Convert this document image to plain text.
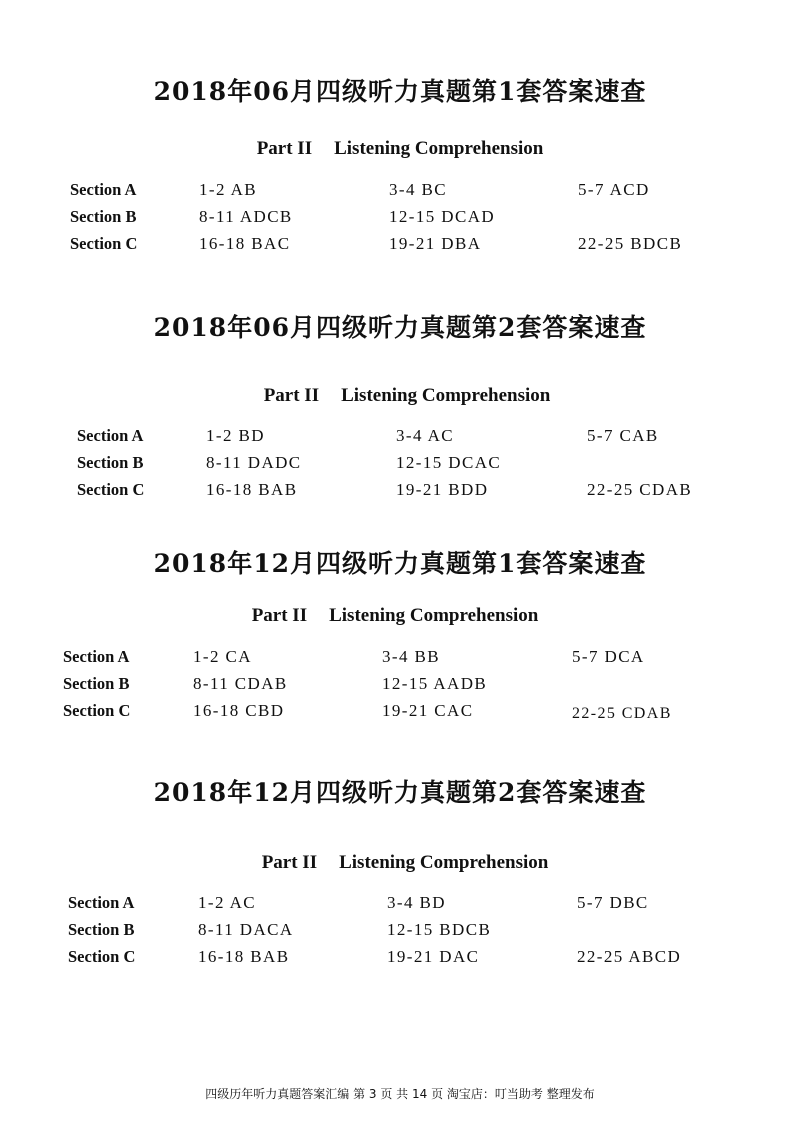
2018年06月四级听力真题第1套答案速查
Part II Listening Comprehension
Section A	1-2 AB	3-4 BC	5-7 ACD
Section B	8-11 ADCB	12-15 DCAD
Section C	16-18 BAC	19-21 DBA	22-25 BDCB
2018年06月四级听力真题第2套答案速查
Part II Listening Comprehension
Section A	1-2 BD	3-4 AC	5-7 CAB
Section B	8-11 DADC	12-15 DCAC
Section C	16-18 BAB	19-21 BDD	22-25 CDAB
2018年12月四级听力真题第1套答案速查
Part II Listening Comprehension
Section A	1-2 CA	3-4 BB	5-7 DCA
Section B	8-11 CDAB	12-15 AADB
Section C	16-18 CBD	19-21 CAC	22-25 CDAB
2018年12月四级听力真题第2套答案速查
Part II Listening Comprehension
Section A	1-2 AC	3-4 BD	5-7 DBC
Section B	8-11 DACA	12-15 BDCB
Section C	16-18 BAB	19-21 DAC	22-25 ABCD
四级历年听力真题答案汇编 第 3 页 共 14 页 淘宝店：叮当助考 整理发布
